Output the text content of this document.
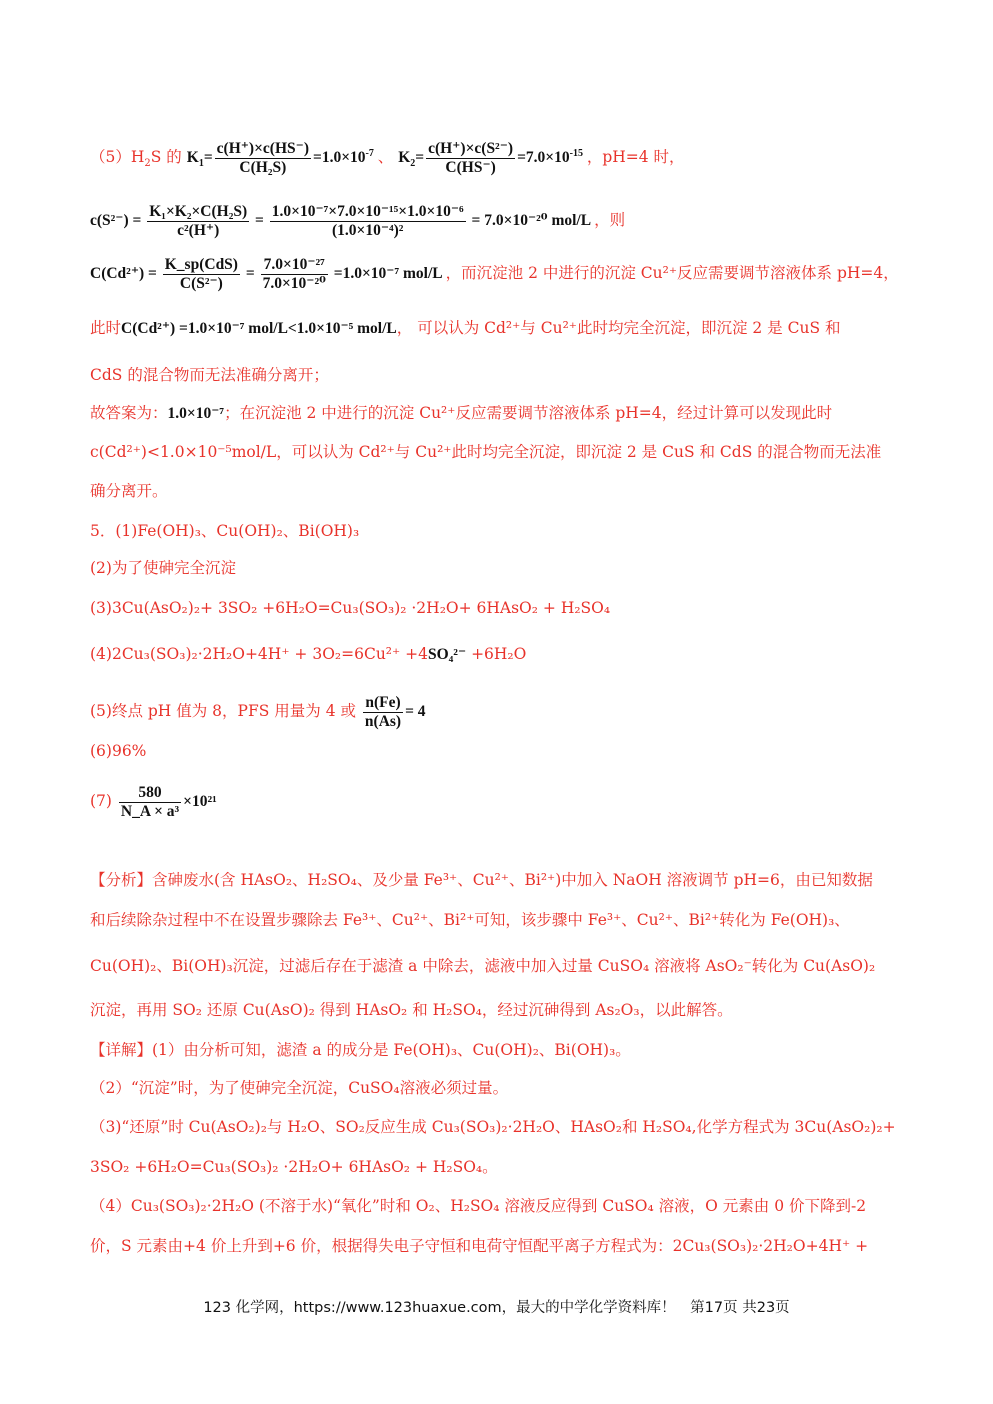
$(5)H_2S$ 的 $K_1= \frac{c(H^+)\times c(HS^-)}{\text{C(H₂S)}} =1.0\times 10^{-7}$ 、 $K_2= \frac{\text{c(H⁺)×c(S²⁻)}}{C(HS^-)} =7.0\times 10^{-15}$ ，pH=4 时，
$c(S^{2-}) = \frac{\text{K₁×K₂×C(H₂S)}}{\text{c²(H⁺)}} = \frac{\text{1.0×10⁻⁷×7.0×10⁻¹⁵×1.0×10⁻⁶}}{\text{(1.0×10⁻⁴)²}} = 7.0\times 10^{-20}$ mol/L ，则
$C(Cd^{2+}) = \frac{\text{K\_sp(CdS)}}{\text{C(S²⁻)}} = \frac{\text{7.0×10⁻²⁷}}{\text{7.0×10⁻²⁰}} =1.0\times 10^{-7}$ mol/L ，而沉淀池 2 中进行的沉淀 Cu²⁺反应需要调节溶液体系 pH=4，
此时C(Cd²⁺) =1.0×10⁻⁷ mol/L<1.0×10⁻⁵ mol/L， 可以认为 Cd²⁺与 Cu²⁺此时均完全沉淀，即沉淀 2 是 CuS 和
CdS 的混合物而无法准确分离开；
故答案为：1.0×10⁻⁷；在沉淀池 2 中进行的沉淀 Cu²⁺反应需要调节溶液体系 pH=4，经过计算可以发现此时
c(Cd²⁺)<1.0×10⁻⁵mol/L，可以认为 Cd²⁺与 Cu²⁺此时均完全沉淀，即沉淀 2 是 CuS 和 CdS 的混合物而无法准
确分离开。
5．(1)Fe(OH)₃、Cu(OH)₂、Bi(OH)₃
(2)为了使砷完全沉淀
(3)3Cu(AsO₂)₂+ 3SO₂ +6H₂O=Cu₃(SO₃)₂ ·2H₂O+ 6HAsO₂ + H₂SO₄
(4)2Cu₃(SO₃)₂·2H₂O+4H⁺ + 3O₂=6Cu²⁺ +4SO₄²⁻ +6H₂O
(5)终点 pH 值为 8，PFS 用量为 4 或 $\frac{n(Fe)}{n(As)} = 4$
(6)96%
$(7) \frac{580}{\text{N\_A × a³}} \times 10^{21}$
【分析】含砷废水(含 HAsO₂、H₂SO₄、及少量 Fe³⁺、Cu²⁺、Bi²⁺)中加入 NaOH 溶液调节 pH=6，由已知数据
和后续除杂过程中不在设置步骤除去 Fe³⁺、Cu²⁺、Bi²⁺可知，该步骤中 Fe³⁺、Cu²⁺、Bi²⁺转化为 Fe(OH)₃、
Cu(OH)₂、Bi(OH)₃沉淀，过滤后存在于滤渣 a 中除去，滤液中加入过量 CuSO₄ 溶液将 AsO₂⁻转化为 Cu(AsO)₂
沉淀，再用 SO₂ 还原 Cu(AsO)₂ 得到 HAsO₂ 和 H₂SO₄，经过沉砷得到 As₂O₃，以此解答。
【详解】(1）由分析可知，滤渣 a 的成分是 Fe(OH)₃、Cu(OH)₂、Bi(OH)₃。
（2）“沉淀”时，为了使砷完全沉淀，CuSO₄溶液必须过量。
（3)“还原”时 Cu(AsO₂)₂与 H₂O、SO₂反应生成 Cu₃(SO₃)₂·2H₂O、HAsO₂和 H₂SO₄,化学方程式为 3Cu(AsO₂)₂+
3SO₂ +6H₂O=Cu₃(SO₃)₂ ·2H₂O+ 6HAsO₂ + H₂SO₄。
（4）Cu₃(SO₃)₂·2H₂O (不溶于水)“氧化”时和 O₂、H₂SO₄ 溶液反应得到 CuSO₄ 溶液，O 元素由 0 价下降到-2
价，S 元素由+4 价上升到+6 价，根据得失电子守恒和电荷守恒配平离子方程式为：2Cu₃(SO₃)₂·2H₂O+4H⁺ +
123 化学网，https://www.123huaxue.com，最大的中学化学资料库！　第17页 共23页
